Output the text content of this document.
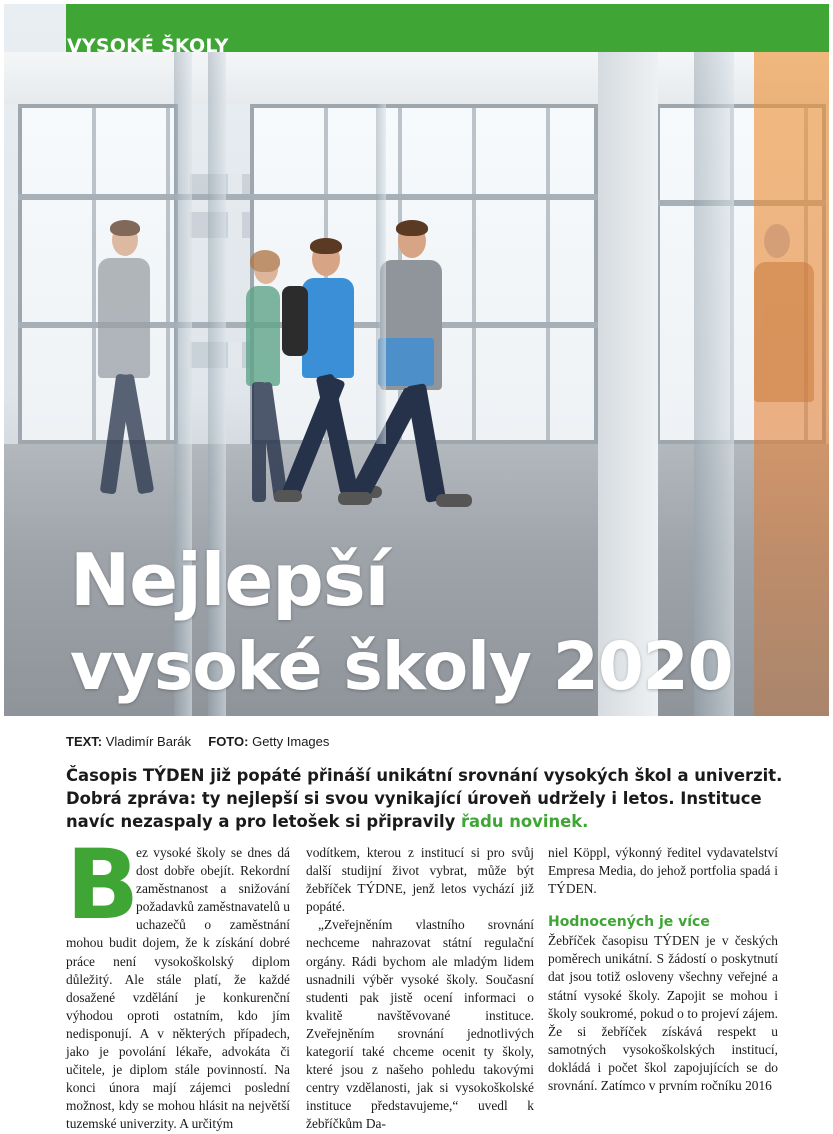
VYSOKÉ ŠKOLY
Nejlepší
vysoké školy 2020
TEXT: Vladimír Barák FOTO: Getty Images
Časopis TÝDEN již popáté přináší unikátní srovnání vysokých škol a univerzit. Dobrá zpráva: ty nejlepší si svou vynikající úroveň udržely i letos. Instituce navíc nezaspaly a pro letošek si připravily řadu novinek.
B
ez vysoké školy se dnes dá dost dobře obejít. Rekordní zaměstnanost a snižování požadavků zaměstnavatelů u uchazečů o zaměstnání mohou budit dojem, že k získání dobré práce není vysokoškolský diplom důležitý. Ale stále platí, že každé dosažené vzdělání je konkurenční výhodou oproti ostatním, kdo jím nedisponují. A v některých případech, jako je povolání lékaře, advokáta či učitele, je diplom stále povinností. Na konci února mají zájemci poslední možnost, kdy se mohou hlásit na největší tuzemské univerzity. A určitým

vodítkem, kterou z institucí si pro svůj další studijní život vybrat, může být žebříček TÝDNE, jenž letos vychází již popáté.

„Zveřejněním vlastního srovnání nechceme nahrazovat státní regulační orgány. Rádi bychom ale mladým lidem usnadnili výběr vysoké školy. Současní studenti pak jistě ocení informaci o kvalitě navštěvované instituce. Zveřejněním srovnání jednotlivých kategorií také chceme ocenit ty školy, které jsou z našeho pohledu takovými centry vzdělanosti, jak si vysokoškolské instituce představujeme,“ uvedl k žebříčkům Da-

niel Köppl, výkonný ředitel vydavatelství Empresa Media, do jehož portfolia spadá i TÝDEN.

Hodnocených je více

Žebříček časopisu TÝDEN je v českých poměrech unikátní. S žádostí o poskytnutí dat jsou totiž osloveny všechny veřejné a státní vysoké školy. Zapojit se mohou i školy soukromé, pokud o to projeví zájem. Že si žebříček získává respekt u samotných vysokoškolských institucí, dokládá i počet škol zapojujících se do srovnání. Zatímco v prvním ročníku 2016
